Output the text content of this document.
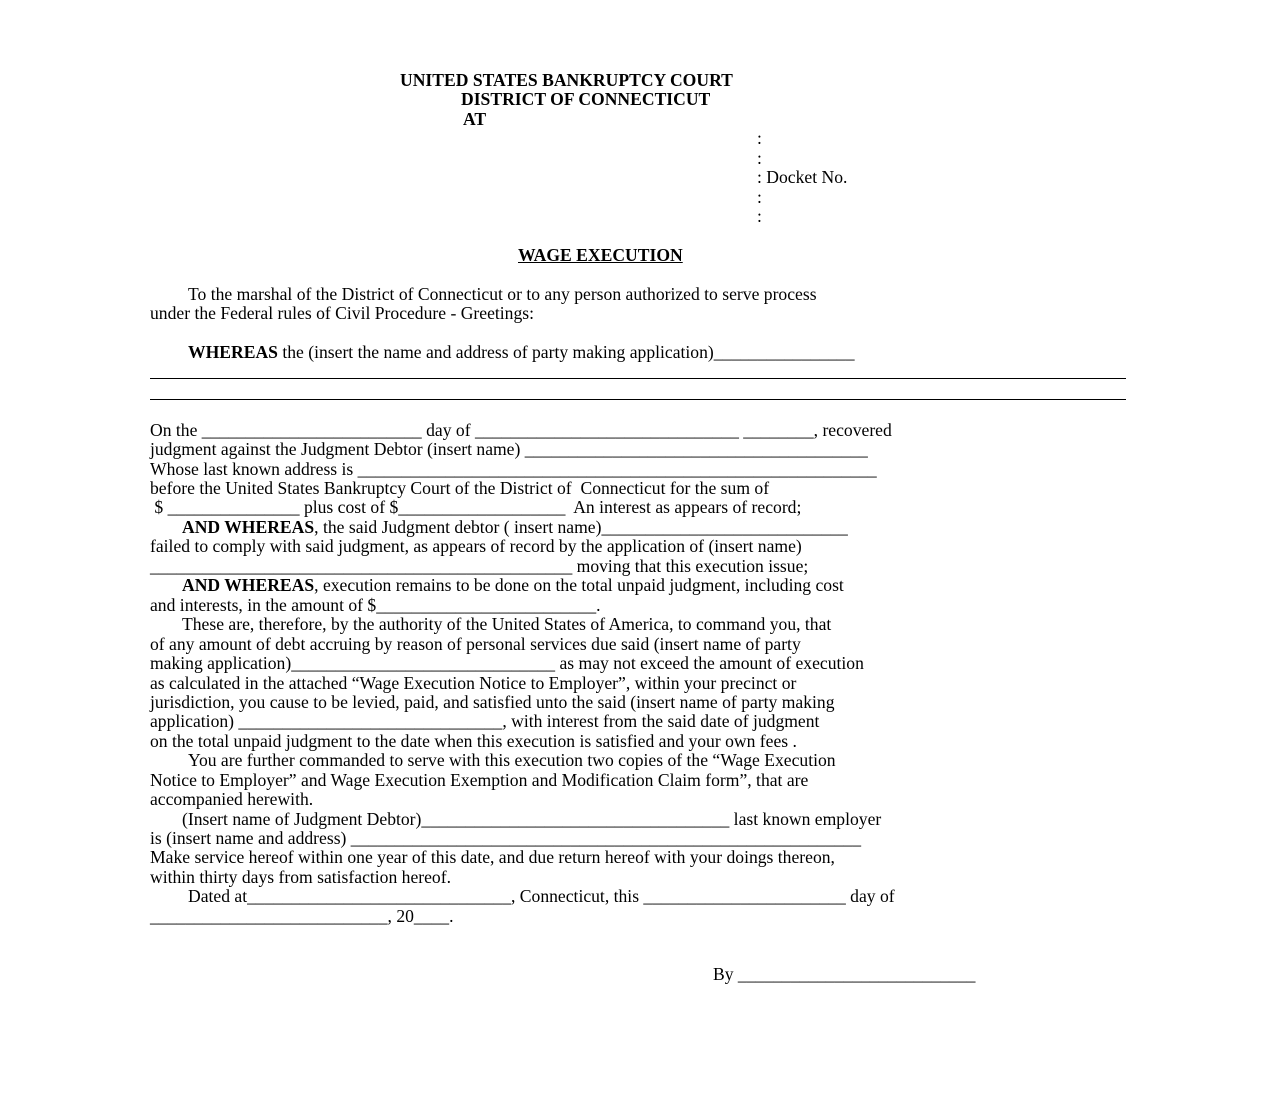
UNITED STATES BANKRUPTCY COURT
DISTRICT OF CONNECTICUT
AT
:
:
: Docket No.
:
:
WAGE EXECUTION
To the marshal of the District of Connecticut or to any person authorized to serve process
under the Federal rules of Civil Procedure - Greetings:
WHEREAS the (insert the name and address of party making application)________________
On the _________________________ day of ______________________________ ________, recovered
judgment against the Judgment Debtor (insert name) _______________________________________
Whose last known address is ___________________________________________________________
before the United States Bankruptcy Court of the District of  Connecticut for the sum of
$ _______________ plus cost of $___________________  An interest as appears of record;
AND WHEREAS, the said Judgment debtor ( insert name)____________________________
failed to comply with said judgment, as appears of record by the application of (insert name)
________________________________________________ moving that this execution issue;
AND WHEREAS, execution remains to be done on the total unpaid judgment, including cost
and interests, in the amount of $_________________________.
These are, therefore, by the authority of the United States of America, to command you, that
of any amount of debt accruing by reason of personal services due said (insert name of party
making application)______________________________ as may not exceed the amount of execution
as calculated in the attached “Wage Execution Notice to Employer”, within your precinct or
jurisdiction, you cause to be levied, paid, and satisfied unto the said (insert name of party making
application) ______________________________, with interest from the said date of judgment
on the total unpaid judgment to the date when this execution is satisfied and your own fees .
You are further commanded to serve with this execution two copies of the “Wage Execution
Notice to Employer” and Wage Execution Exemption and Modification Claim form”, that are
accompanied herewith.
(Insert name of Judgment Debtor)___________________________________ last known employer
is (insert name and address) __________________________________________________________
Make service hereof within one year of this date, and due return hereof with your doings thereon,
within thirty days from satisfaction hereof.
Dated at______________________________, Connecticut, this _______________________ day of
___________________________, 20____.
By ___________________________
